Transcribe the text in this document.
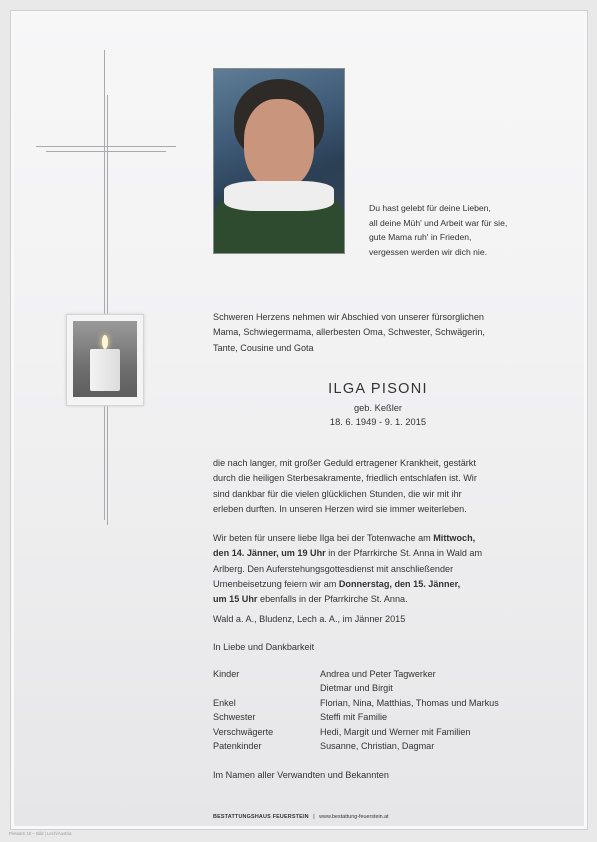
Du hast gelebt für deine Lieben,
all deine Müh' und Arbeit war für sie,
gute Mama ruh' in Frieden,
vergessen werden wir dich nie.
Schweren Herzens nehmen wir Abschied von unserer fürsorglichen
Mama, Schwiegermama, allerbesten Oma, Schwester, Schwägerin,
Tante, Cousine und Gota
ILGA PISONI
geb. Keßler
18. 6. 1949 - 9. 1. 2015
die nach langer, mit großer Geduld ertragener Krankheit, gestärkt
durch die heiligen Sterbesakramente, friedlich entschlafen ist. Wir
sind dankbar für die vielen glücklichen Stunden, die wir mit ihr
erleben durften. In unseren Herzen wird sie immer weiterleben.
Wir beten für unsere liebe Ilga bei der Totenwache am Mittwoch,
den 14. Jänner, um 19 Uhr in der Pfarrkirche St. Anna in Wald am
Arlberg. Den Auferstehungsgottesdienst mit anschließender
Urnenbeisetzung feiern wir am Donnerstag, den 15. Jänner,
um 15 Uhr ebenfalls in der Pfarrkirche St. Anna.
Wald a. A., Bludenz, Lech a. A., im Jänner 2015
In Liebe und Dankbarkeit
Kinder	Andrea und Peter Tagwerker
Dietmar und Birgit
Enkel	Florian, Nina, Matthias, Thomas und Markus
Schwester	Steffi mit Familie
Verschwägerte	Hedi, Margit und Werner mit Familien
Patenkinder	Susanne, Christian, Dagmar
Im Namen aller Verwandten und Bekannten
BESTATTUNGSHAUS FEUERSTEIN | www.bestattung-feuerstein.at
Pieteam 10 – Bild | Lech/Austria
